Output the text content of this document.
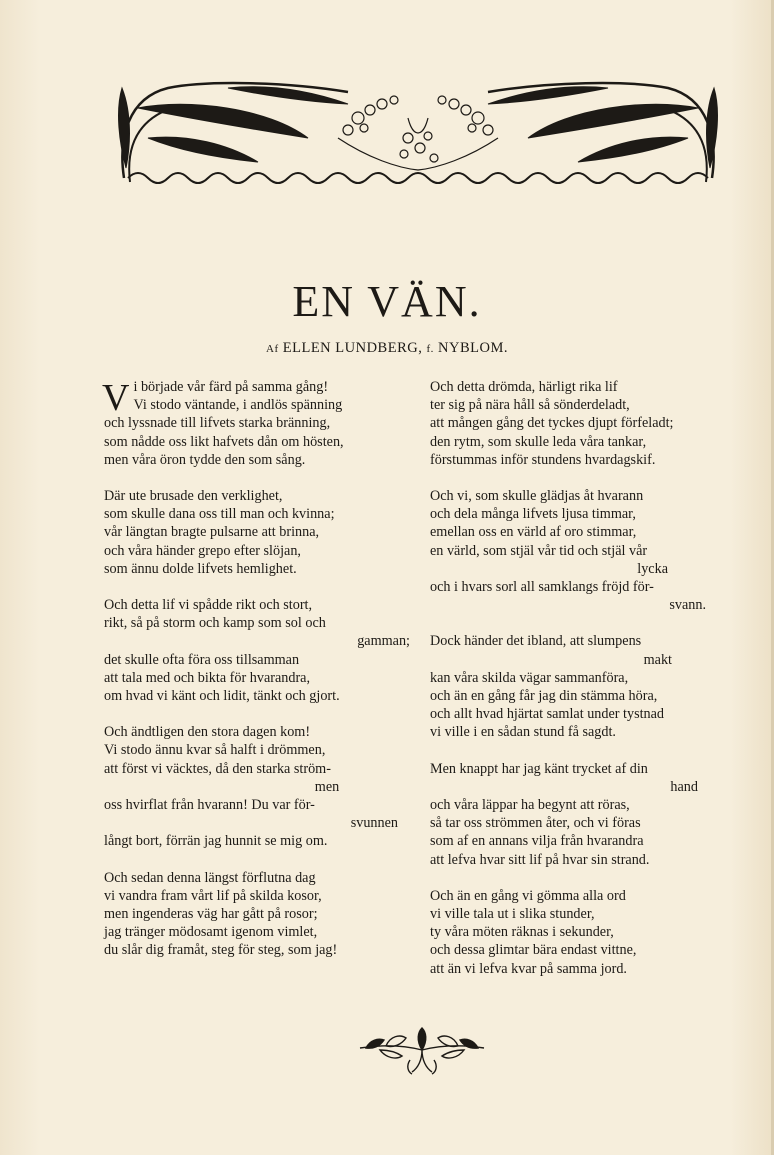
EN VÄN.
Af ELLEN LUNDBERG, f. NYBLOM.
V i började vår färd på samma gång!
Vi stodo väntande, i andlös spänning
och lyssnade till lifvets starka bränning,
som nådde oss likt hafvets dån om hösten,
men våra öron tydde den som sång.
Där ute brusade den verklighet,
som skulle dana oss till man och kvinna;
vår längtan bragte pulsarne att brinna,
och våra händer grepo efter slöjan,
som ännu dolde lifvets hemlighet.
Och detta lif vi spådde rikt och stort,
rikt, så på storm och kamp som sol och
gamman;
det skulle ofta föra oss tillsamman
att tala med och bikta för hvarandra,
om hvad vi känt och lidit, tänkt och gjort.
Och ändtligen den stora dagen kom!
Vi stodo ännu kvar så halft i drömmen,
att först vi väcktes, då den starka ström-
men
oss hvirflat från hvarann! Du var för-
svunnen
långt bort, förrän jag hunnit se mig om.
Och sedan denna längst förflutna dag
vi vandra fram vårt lif på skilda kosor,
men ingenderas väg har gått på rosor;
jag tränger mödosamt igenom vimlet,
du slår dig framåt, steg för steg, som jag!
Och detta drömda, härligt rika lif
ter sig på nära håll så sönderdeladt,
att mången gång det tyckes djupt förfeladt;
den rytm, som skulle leda våra tankar,
förstummas inför stundens hvardagskif.
Och vi, som skulle glädjas åt hvarann
och dela många lifvets ljusa timmar,
emellan oss en värld af oro stimmar,
en värld, som stjäl vår tid och stjäl vår
lycka
och i hvars sorl all samklangs fröjd för-
svann.
Dock händer det ibland, att slumpens
makt
kan våra skilda vägar sammanföra,
och än en gång får jag din stämma höra,
och allt hvad hjärtat samlat under tystnad
vi ville i en sådan stund få sagdt.
Men knappt har jag känt trycket af din
hand
och våra läppar ha begynt att röras,
så tar oss strömmen åter, och vi föras
som af en annans vilja från hvarandra
att lefva hvar sitt lif på hvar sin strand.
Och än en gång vi gömma alla ord
vi ville tala ut i slika stunder,
ty våra möten räknas i sekunder,
och dessa glimtar bära endast vittne,
att än vi lefva kvar på samma jord.
